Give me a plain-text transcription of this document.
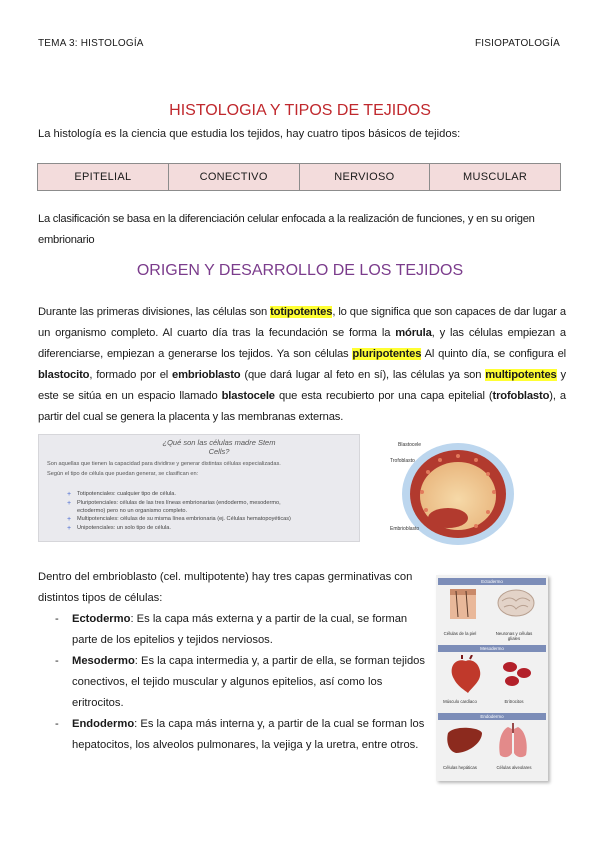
TEMA 3: HISTOLOGÍA	FISIOPATOLOGÍA
HISTOLOGIA Y TIPOS DE TEJIDOS
La histología es la ciencia que estudia los tejidos, hay cuatro tipos básicos de tejidos:
EPITELIAL	CONECTIVO	NERVIOSO	MUSCULAR
La clasificación se basa en la diferenciación celular enfocada a la realización de funciones, y en su origen embrionario
ORIGEN Y DESARROLLO DE LOS TEJIDOS
Durante las primeras divisiones, las células son totipotentes, lo que significa que son capaces de dar lugar a un organismo completo. Al cuarto día tras la fecundación se forma la mórula, y las células empiezan a diferenciarse, empiezan a generarse los tejidos. Ya son células pluripotentes Al quinto día, se configura el blastocito, formado por el embrioblasto (que dará lugar al feto en sí), las células ya son multipotentes y este se sitúa en un espacio llamado blastocele que esta recubierto por una capa epitelial (trofoblasto), a partir del cual se genera la placenta y las membranas externas.
¿Qué son las células madre Stem Cells?
Son aquellas que tienen la capacidad para dividirse y generar distintas células especializadas.
Según el tipo de célula que puedan generar, se clasifican en:
+ Totipotenciales: cualquier tipo de célula.
+ Pluripotenciales: células de las tres líneas embrionarias (endodermo, mesodermo,
ectodermo) pero no un organismo completo.
+ Multipotenciales: células de su misma línea embrionaria (ej. Células hematopoyéticas)
+ Unipotenciales: un solo tipo de célula.
Blastocele
Trofoblasto
Embrioblasto
Dentro del embrioblasto (cel. multipotente) hay tres capas germinativas con distintos tipos de células:
- Ectodermo: Es la capa más externa y a partir de la cual, se forman parte de los epitelios y tejidos nerviosos.
- Mesodermo: Es la capa intermedia y, a partir de ella, se forman tejidos conectivos, el tejido muscular y algunos epitelios, así como los eritrocitos.
- Endodermo: Es la capa más interna y, a partir de la cual se forman los hepatocitos, los alveolos pulmonares, la vejiga y la uretra, entre otros.
Ectodermo
Células de la piel	Neuronas y células gliales
Mesodermo
Músculo cardíaco	Eritrocitos
Endodermo
Células hepáticas	Células alveolares
